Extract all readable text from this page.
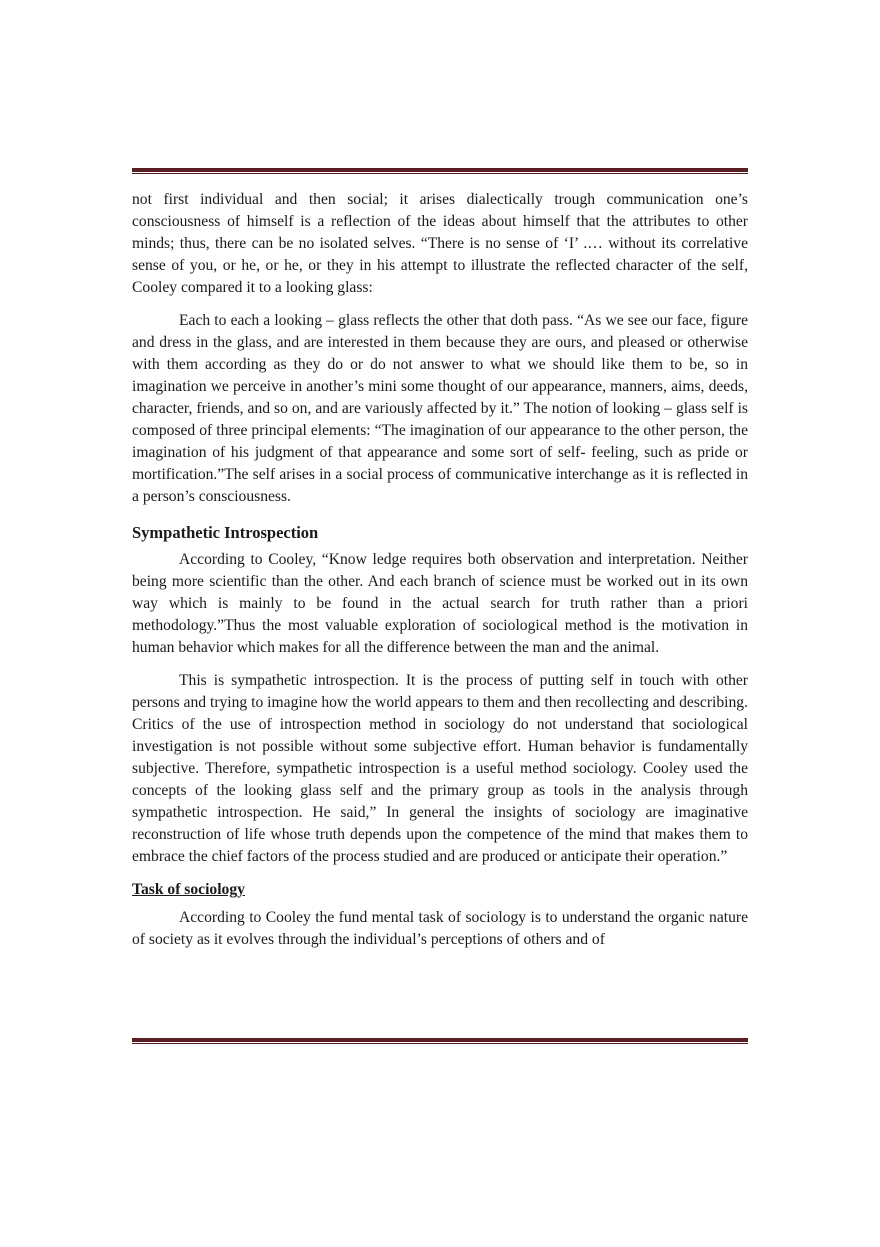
not first individual and then social; it arises dialectically trough communication one’s consciousness of himself is a reflection of the ideas about himself that the attributes to other minds; thus, there can be no isolated selves. “There is no sense of ‘I’ .… without its correlative sense of you, or he, or he, or they in his attempt to illustrate the reflected character of the self, Cooley compared it to a looking glass:

Each to each a looking – glass reflects the other that doth pass. “As we see our face, figure and dress in the glass, and are interested in them because they are ours, and pleased or otherwise with them according as they do or do not answer to what we should like them to be, so in imagination we perceive in another’s mini some thought of our appearance, manners, aims, deeds, character, friends, and so on, and are variously affected by it.” The notion of looking – glass self is composed of three principal elements: “The imagination of our appearance to the other person, the imagination of his judgment of that appearance and some sort of self- feeling, such as pride or mortification.”The self arises in a social process of communicative interchange as it is reflected in a person’s consciousness.

Sympathetic Introspection

According to Cooley, “Know ledge requires both observation and interpretation. Neither being more scientific than the other. And each branch of science must be worked out in its own way which is mainly to be found in the actual search for truth rather than a priori methodology.”Thus the most valuable exploration of sociological method is the motivation in human behavior which makes for all the difference between the man and the animal.

This is sympathetic introspection. It is the process of putting self in touch with other persons and trying to imagine how the world appears to them and then recollecting and describing. Critics of the use of introspection method in sociology do not understand that sociological investigation is not possible without some subjective effort. Human behavior is fundamentally subjective. Therefore, sympathetic introspection is a useful method sociology. Cooley used the concepts of the looking glass self and the primary group as tools in the analysis through sympathetic introspection. He said,” In general the insights of sociology are imaginative reconstruction of life whose truth depends upon the competence of the mind that makes them to embrace the chief factors of the process studied and are produced or anticipate their operation.”

Task of sociology

According to Cooley the fund mental task of sociology is to understand the organic nature of society as it evolves through the individual’s perceptions of others and of
